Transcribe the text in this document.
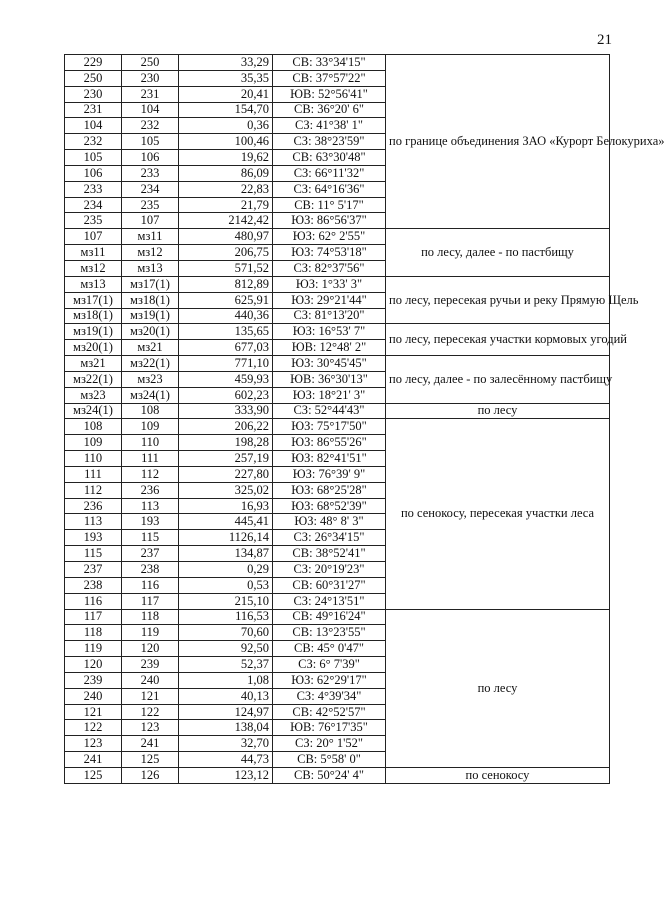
21
229	250	33,29	СВ: 33°34'15"	по границе объединения ЗАО «Курорт Белокуриха»
250	230	35,35	СВ: 37°57'22"	
230	231	20,41	ЮВ: 52°56'41"	
231	104	154,70	СВ: 36°20' 6"	
104	232	0,36	СЗ: 41°38' 1"	
232	105	100,46	СЗ: 38°23'59"	
105	106	19,62	СВ: 63°30'48"	
106	233	86,09	СЗ: 66°11'32"	
233	234	22,83	СЗ: 64°16'36"	
234	235	21,79	СВ: 11° 5'17"	
235	107	2142,42	ЮЗ: 86°56'37"	
107	мз11	480,97	ЮЗ: 62° 2'55"	по лесу, далее - по пастбищу
мз11	мз12	206,75	ЮЗ: 74°53'18"	
мз12	мз13	571,52	СЗ: 82°37'56"	
мз13	мз17(1)	812,89	ЮЗ: 1°33' 3"	по лесу, пересекая ручьи и реку Прямую Щель
мз17(1)	мз18(1)	625,91	ЮЗ: 29°21'44"	
мз18(1)	мз19(1)	440,36	СЗ: 81°13'20"	
мз19(1)	мз20(1)	135,65	ЮЗ: 16°53' 7"	по лесу, пересекая участки кормовых угодий
мз20(1)	мз21	677,03	ЮВ: 12°48' 2"	
мз21	мз22(1)	771,10	ЮЗ: 30°45'45"	по лесу, далее - по залесённому пастбищу
мз22(1)	мз23	459,93	ЮВ: 36°30'13"	
мз23	мз24(1)	602,23	ЮЗ: 18°21' 3"	
мз24(1)	108	333,90	СЗ: 52°44'43"	по лесу
108	109	206,22	ЮЗ: 75°17'50"	по сенокосу, пересекая участки леса
109	110	198,28	ЮЗ: 86°55'26"	
110	111	257,19	ЮЗ: 82°41'51"	
111	112	227,80	ЮЗ: 76°39' 9"	
112	236	325,02	ЮЗ: 68°25'28"	
236	113	16,93	ЮЗ: 68°52'39"	
113	193	445,41	ЮЗ: 48° 8' 3"	
193	115	1126,14	СЗ: 26°34'15"	
115	237	134,87	СВ: 38°52'41"	
237	238	0,29	СЗ: 20°19'23"	
238	116	0,53	СВ: 60°31'27"	
116	117	215,10	СЗ: 24°13'51"	
117	118	116,53	СВ: 49°16'24"	по лесу
118	119	70,60	СВ: 13°23'55"	
119	120	92,50	СВ: 45° 0'47"	
120	239	52,37	СЗ: 6° 7'39"	
239	240	1,08	ЮЗ: 62°29'17"	
240	121	40,13	СЗ: 4°39'34"	
121	122	124,97	СВ: 42°52'57"	
122	123	138,04	ЮВ: 76°17'35"	
123	241	32,70	СЗ: 20° 1'52"	
241	125	44,73	СВ: 5°58' 0"	
125	126	123,12	СВ: 50°24' 4"	по сенокосу
